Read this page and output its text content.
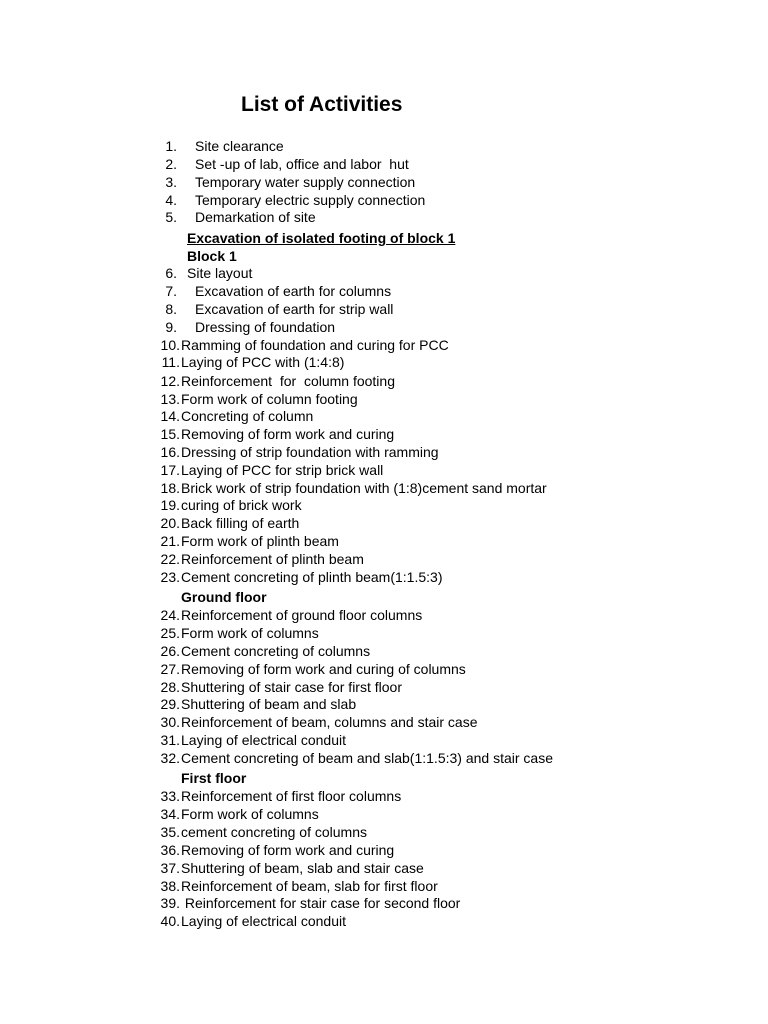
List of Activities
1. Site clearance
2. Set -up of lab, office and labor  hut
3. Temporary water supply connection
4. Temporary electric supply connection
5. Demarkation of site
Excavation of isolated footing of block 1
Block 1
6. Site layout
7. Excavation of earth for columns
8. Excavation of earth for strip wall
9. Dressing of foundation
10.Ramming of foundation and curing for PCC
11.Laying of PCC with (1:4:8)
12.Reinforcement  for  column footing
13.Form work of column footing
14.Concreting of column
15.Removing of form work and curing
16.Dressing of strip foundation with ramming
17.Laying of PCC for strip brick wall
18.Brick work of strip foundation with (1:8)cement sand mortar
19.curing of brick work
20.Back filling of earth
21.Form work of plinth beam
22.Reinforcement of plinth beam
23.Cement concreting of plinth beam(1:1.5:3)
Ground floor
24.Reinforcement of ground floor columns
25.Form work of columns
26.Cement concreting of columns
27.Removing of form work and curing of columns
28.Shuttering of stair case for first floor
29.Shuttering of beam and slab
30.Reinforcement of beam, columns and stair case
31.Laying of electrical conduit
32.Cement concreting of beam and slab(1:1.5:3) and stair case
First floor
33.Reinforcement of first floor columns
34.Form work of columns
35.cement concreting of columns
36.Removing of form work and curing
37.Shuttering of beam, slab and stair case
38.Reinforcement of beam, slab for first floor
39. Reinforcement for stair case for second floor
40.Laying of electrical conduit
